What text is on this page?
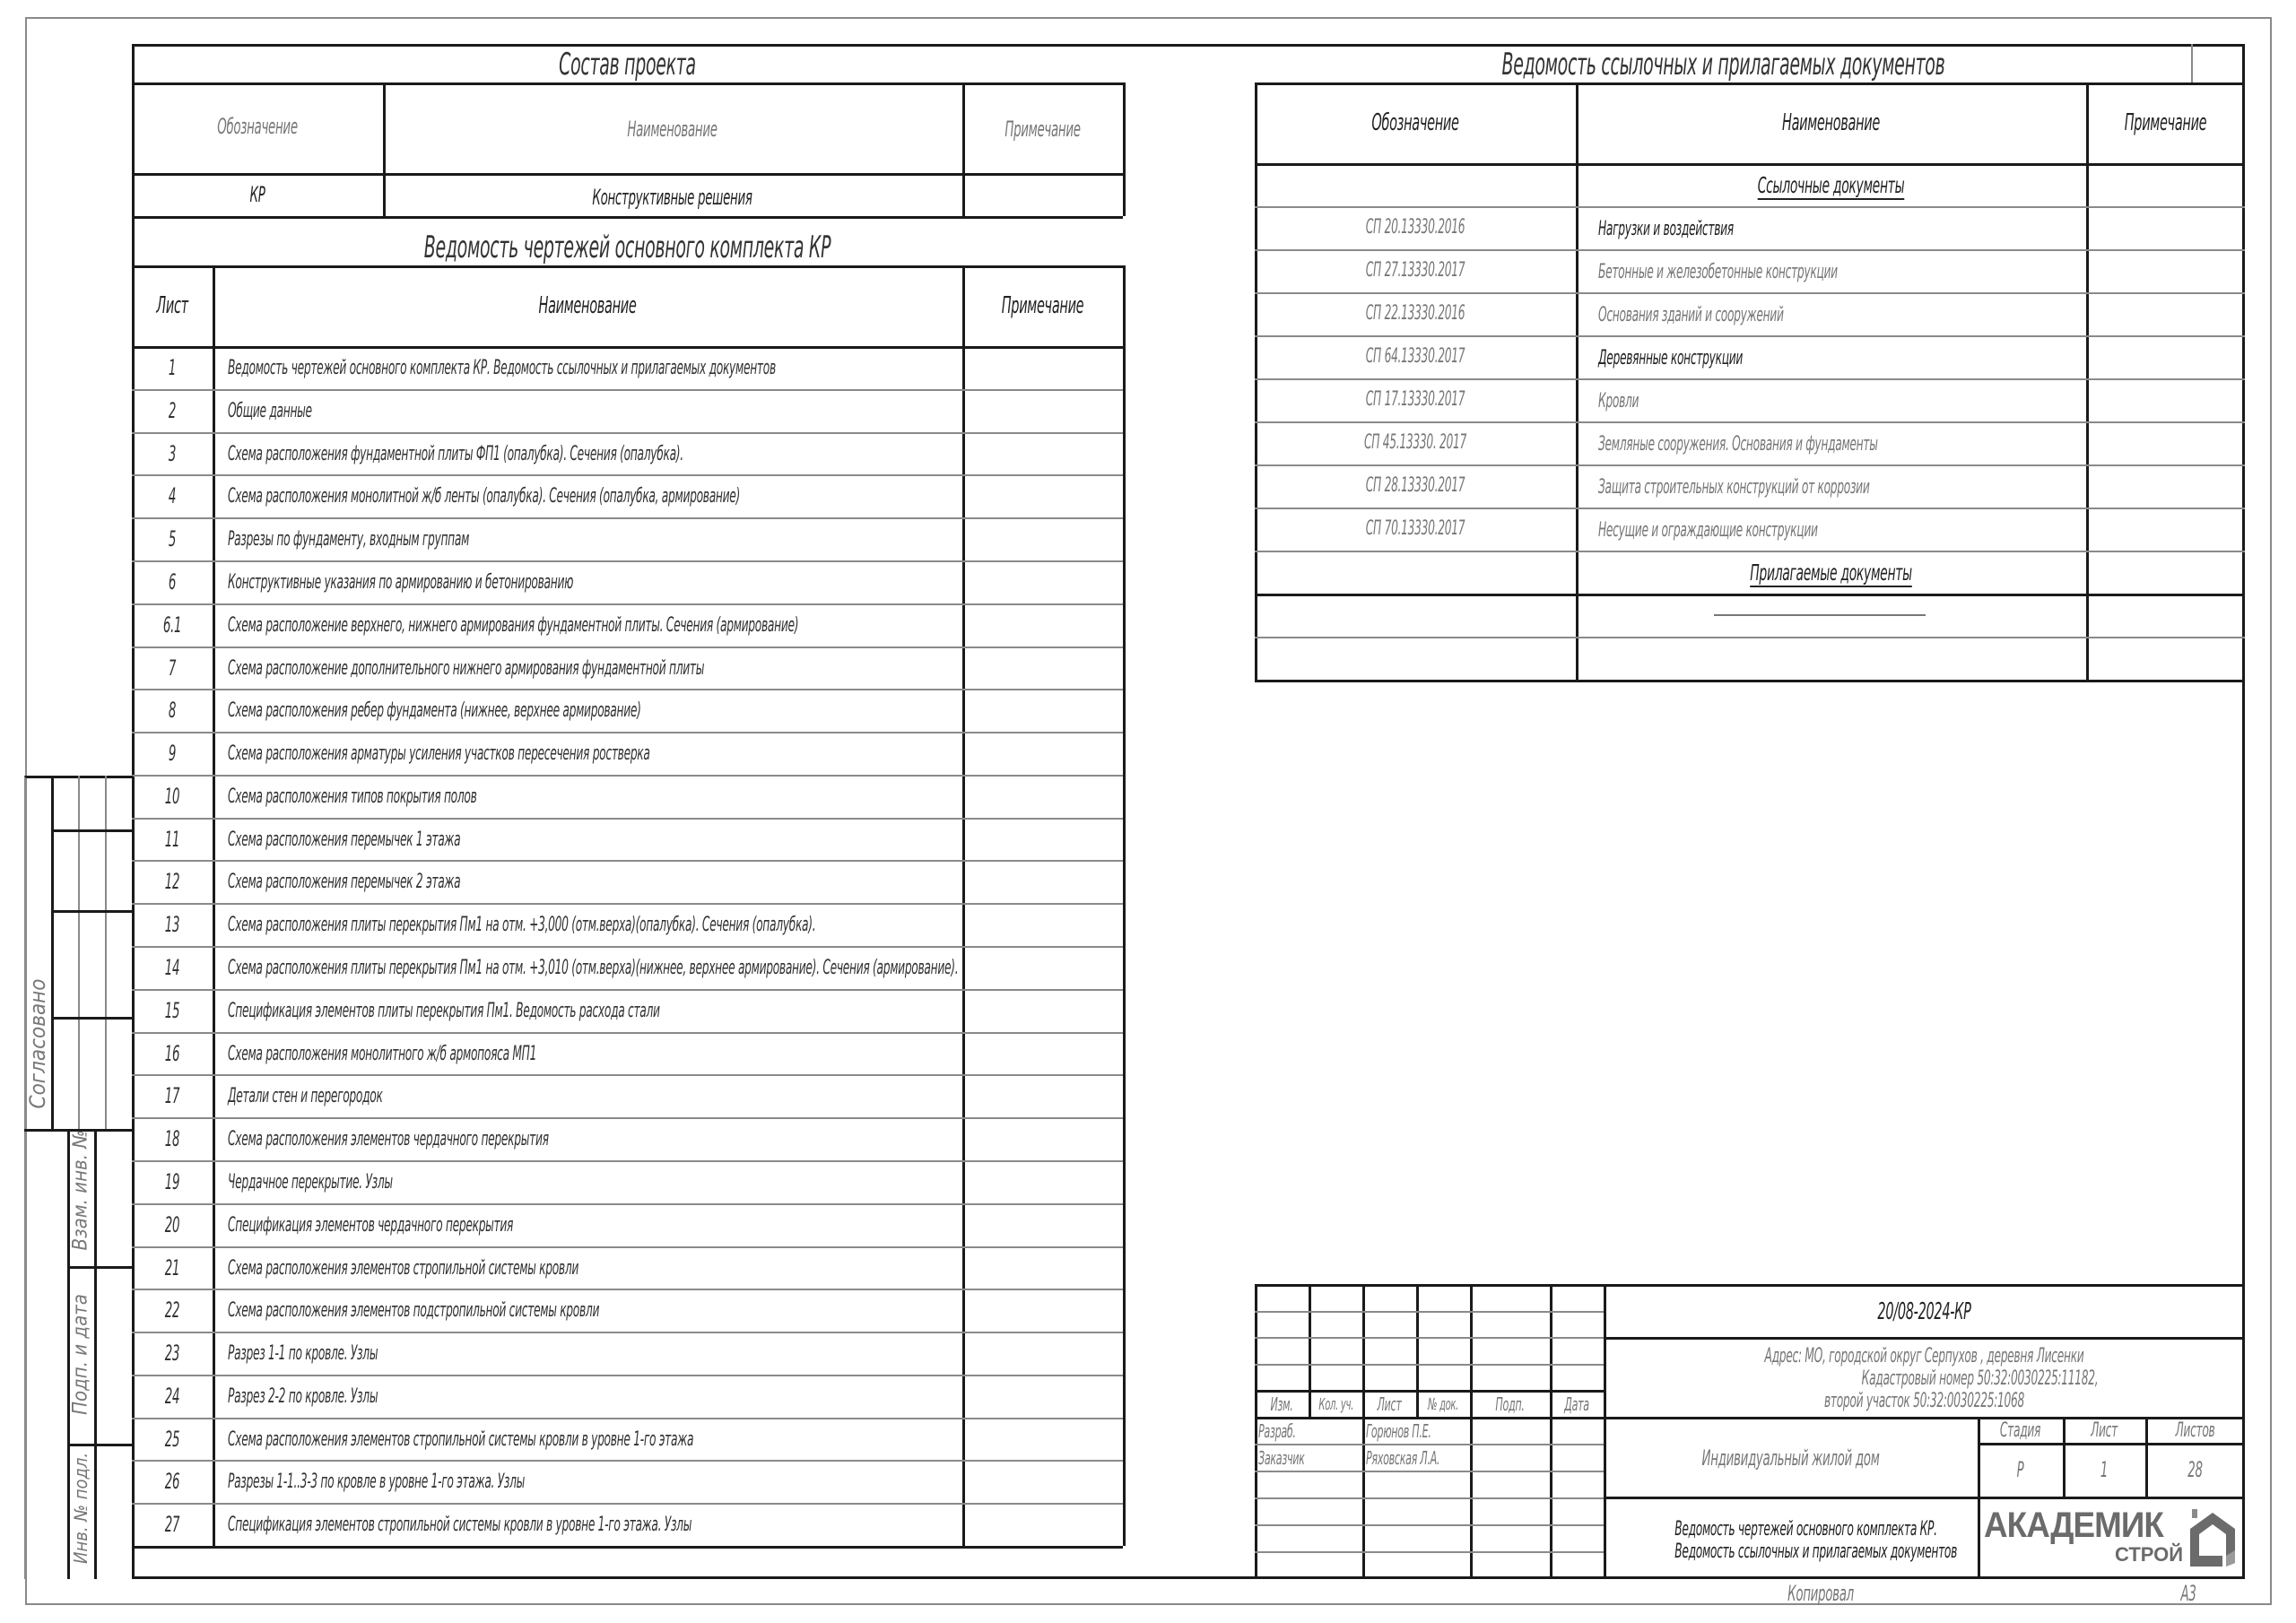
Состав проекта
Обозначение	Наименование	Примечание
КР	Конструктивные решения
Ведомость чертежей основного комплекта КР
Лист	Наименование	Примечание
1	Ведомость чертежей основного комплекта КР. Ведомость ссылочных и прилагаемых документов
2	Общие данные
3	Схема расположения фундаментной плиты ФП1 (опалубка). Сечения (опалубка).
4	Схема расположения монолитной ж/б ленты (опалубка). Сечения (опалубка, армирование)
5	Разрезы по фундаменту, входным группам
6	Конструктивные указания по армированию и бетонированию
6.1	Схема расположение верхнего, нижнего армирования фундаментной плиты. Сечения (армирование)
7	Схема расположение дополнительного нижнего армирования фундаментной плиты
8	Схема расположения ребер фундамента (нижнее, верхнее армирование)
9	Схема расположения арматуры усиления участков пересечения ростверка
10	Схема расположения типов покрытия полов
11	Схема расположения перемычек 1 этажа
12	Схема расположения перемычек 2 этажа
13	Схема расположения плиты перекрытия Пм1 на отм. +3,000 (отм.верха)(опалубка). Сечения (опалубка).
14	Схема расположения плиты перекрытия Пм1 на отм. +3,010 (отм.верха)(нижнее, верхнее армирование). Сечения (армирование).
15	Спецификация элементов плиты перекрытия Пм1. Ведомость расхода стали
16	Схема расположения монолитного ж/б армопояса МП1
17	Детали стен и перегородок
18	Схема расположения элементов чердачного перекрытия
19	Чердачное перекрытие. Узлы
20	Спецификация элементов чердачного перекрытия
21	Схема расположения элементов стропильной системы кровли
22	Схема расположения элементов подстропильной системы кровли
23	Разрез 1-1 по кровле. Узлы
24	Разрез 2-2 по кровле. Узлы
25	Схема расположения элементов стропильной системы кровли в уровне 1-го этажа
26	Разрезы 1-1..3-3 по кровле в уровне 1-го этажа. Узлы
27	Спецификация элементов стропильной системы кровли в уровне 1-го этажа. Узлы
Ведомость ссылочных и прилагаемых документов
Обозначение	Наименование	Примечание
Ссылочные документы
СП 20.13330.2016	Нагрузки и воздействия
СП 27.13330.2017	Бетонные и железобетонные конструкции
СП 22.13330.2016	Основания зданий и сооружений
СП 64.13330.2017	Деревянные конструкции
СП 17.13330.2017	Кровли
СП 45.13330. 2017	Земляные сооружения. Основания и фундаменты
СП 28.13330.2017	Защита строительных конструкций от коррозии
СП 70.13330.2017	Несущие и ограждающие конструкции
Прилагаемые документы
Согласовано
Взам. инв. №
Подп. и дата
Инв. № подл.
Изм.	Кол. уч. Лист № док.	Подп.	Дата
Разраб.	Горюнов П.Е.
Заказчик	Ряховская Л.А.
20/08-2024-КР
Адрес: МО, городской округ Серпухов , деревня Лисенки
Кадастровый номер 50:32:0030225:11182,
второй участок 50:32:0030225:1068
Индивидуальный жилой дом
Стадия	Лист	Листов
Р	1	28
Ведомость чертежей основного комплекта КР.
Ведомость ссылочных и прилагаемых документов
АКАДЕМИК
СТРОЙ
Копировал	А3
